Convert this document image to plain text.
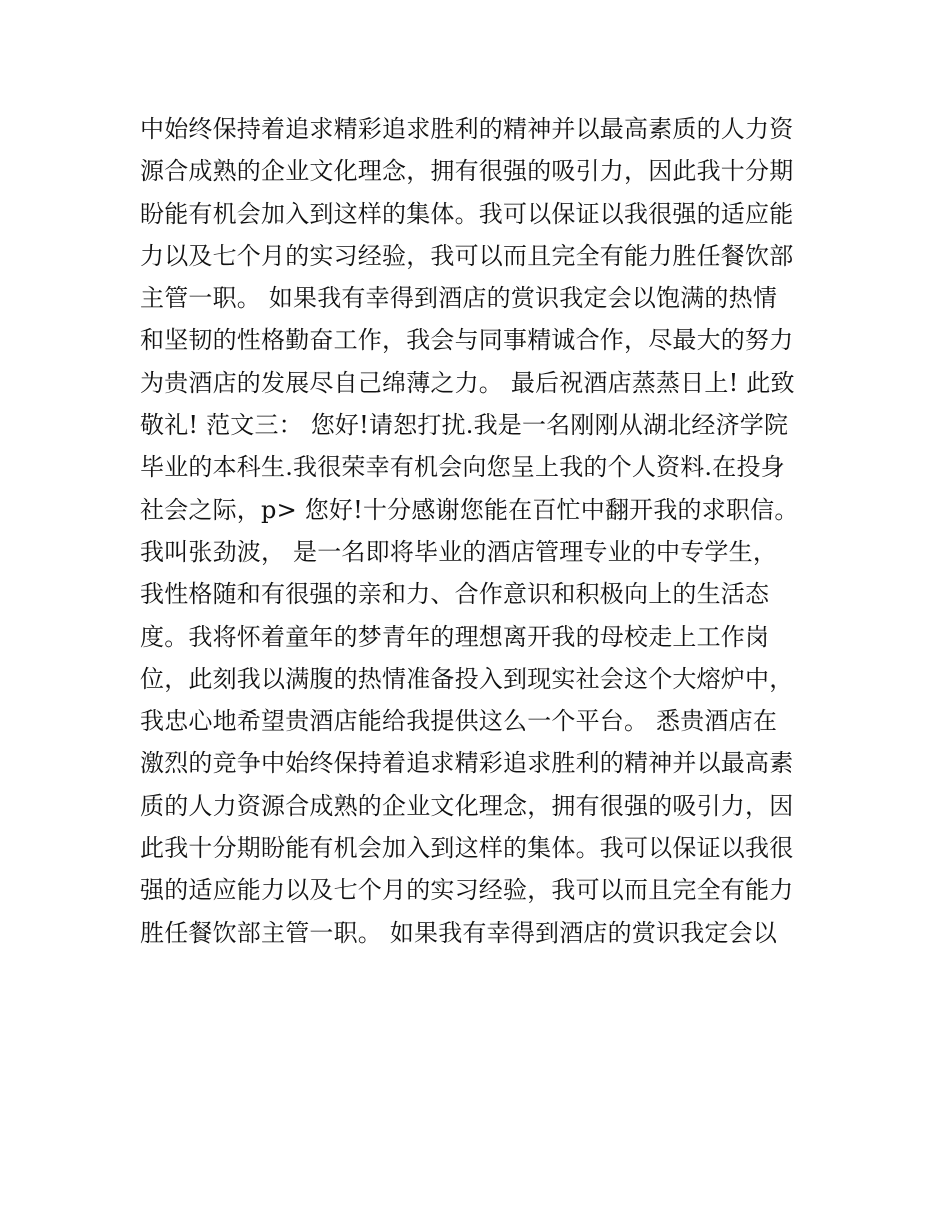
中始终保持着追求精彩追求胜利的精神并以最高素质的人力资
源合成熟的企业文化理念，拥有很强的吸引力，因此我十分期
盼能有机会加入到这样的集体。我可以保证以我很强的适应能
力以及七个月的实习经验，我可以而且完全有能力胜任餐饮部
主管一职。 如果我有幸得到酒店的赏识我定会以饱满的热情
和坚韧的性格勤奋工作，我会与同事精诚合作，尽最大的努力
为贵酒店的发展尽自己绵薄之力。 最后祝酒店蒸蒸日上! 此致
敬礼! 范文三： 您好!请恕打扰.我是一名刚刚从湖北经济学院
毕业的本科生.我很荣幸有机会向您呈上我的个人资料.在投身
社会之际，p> 您好!十分感谢您能在百忙中翻开我的求职信。
我叫张劲波， 是一名即将毕业的酒店管理专业的中专学生，
我性格随和有很强的亲和力、合作意识和积极向上的生活态
度。我将怀着童年的梦青年的理想离开我的母校走上工作岗
位，此刻我以满腹的热情准备投入到现实社会这个大熔炉中，
我忠心地希望贵酒店能给我提供这么一个平台。 悉贵酒店在
激烈的竞争中始终保持着追求精彩追求胜利的精神并以最高素
质的人力资源合成熟的企业文化理念，拥有很强的吸引力，因
此我十分期盼能有机会加入到这样的集体。我可以保证以我很
强的适应能力以及七个月的实习经验，我可以而且完全有能力
胜任餐饮部主管一职。 如果我有幸得到酒店的赏识我定会以
